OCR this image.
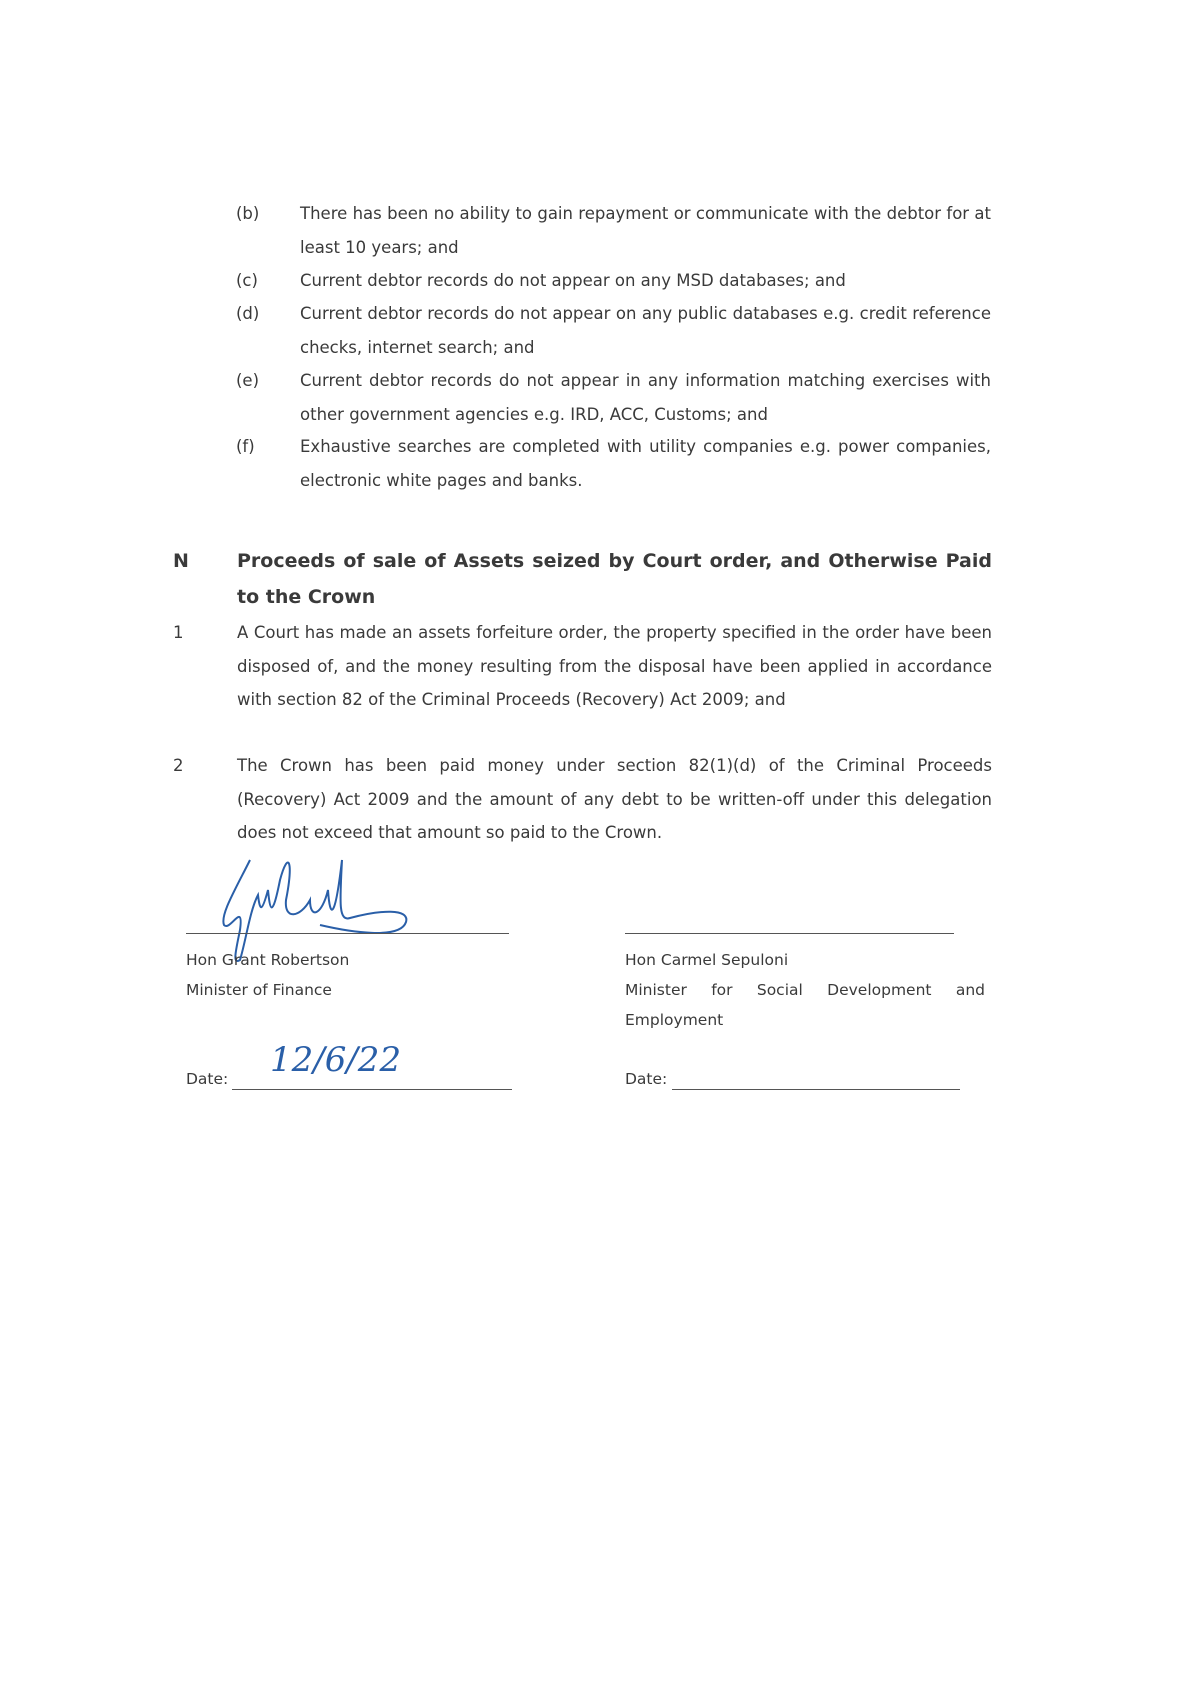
(b) There has been no ability to gain repayment or communicate with the debtor for at least 10 years; and
(c)	Current debtor records do not appear on any MSD databases; and
(d) Current debtor records do not appear on any public databases e.g. credit reference checks, internet search; and
(e) Current debtor records do not appear in any information matching exercises with other government agencies e.g. IRD, ACC, Customs; and
(f)	Exhaustive searches are completed with utility companies e.g. power companies, electronic white pages and banks.
N	Proceeds of sale of Assets seized by Court order, and Otherwise Paid to the Crown
1	A Court has made an assets forfeiture order, the property specified in the order have been disposed of, and the money resulting from the disposal have been applied in accordance with section 82 of the Criminal Proceeds (Recovery) Act 2009; and
2	The Crown has been paid money under section 82(1)(d) of the Criminal Proceeds (Recovery) Act 2009 and the amount of any debt to be written-off under this delegation does not exceed that amount so paid to the Crown.
Hon Grant Robertson
Minister of Finance
Hon Carmel Sepuloni
Minister for Social Development and Employment
Date: 12/6/22	Date:
